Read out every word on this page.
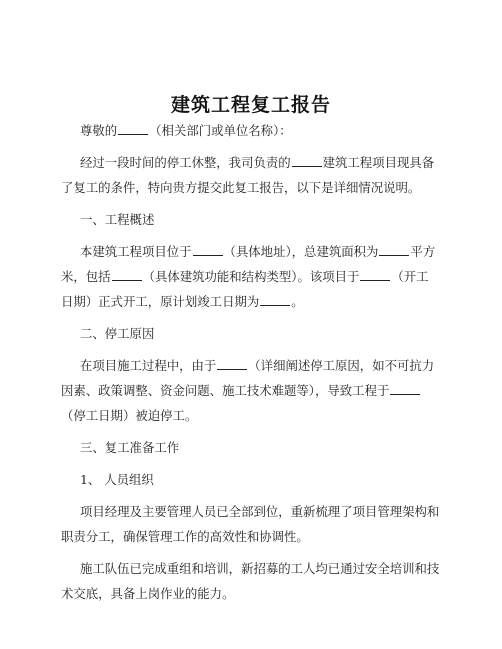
建筑工程复工报告
尊敬的	（相关部门或单位名称）：
经过一段时间的停工休整，我司负责的	建筑工程项目现具备
了复工的条件，特向贵方提交此复工报告，以下是详细情况说明。
一、工程概述
本建筑工程项目位于	（具体地址），总建筑面积为	平方
米，包括	（具体建筑功能和结构类型）。该项目于	（开工
日期）正式开工，原计划竣工日期为	。
二、停工原因
在项目施工过程中，由于	（详细阐述停工原因，如不可抗力
因素、政策调整、资金问题、施工技术难题等），导致工程于
（停工日期）被迫停工。
三、复工准备工作
1、 人员组织
项目经理及主要管理人员已全部到位，重新梳理了项目管理架构和
职责分工，确保管理工作的高效性和协调性。
施工队伍已完成重组和培训，新招募的工人均已通过安全培训和技
术交底，具备上岗作业的能力。
